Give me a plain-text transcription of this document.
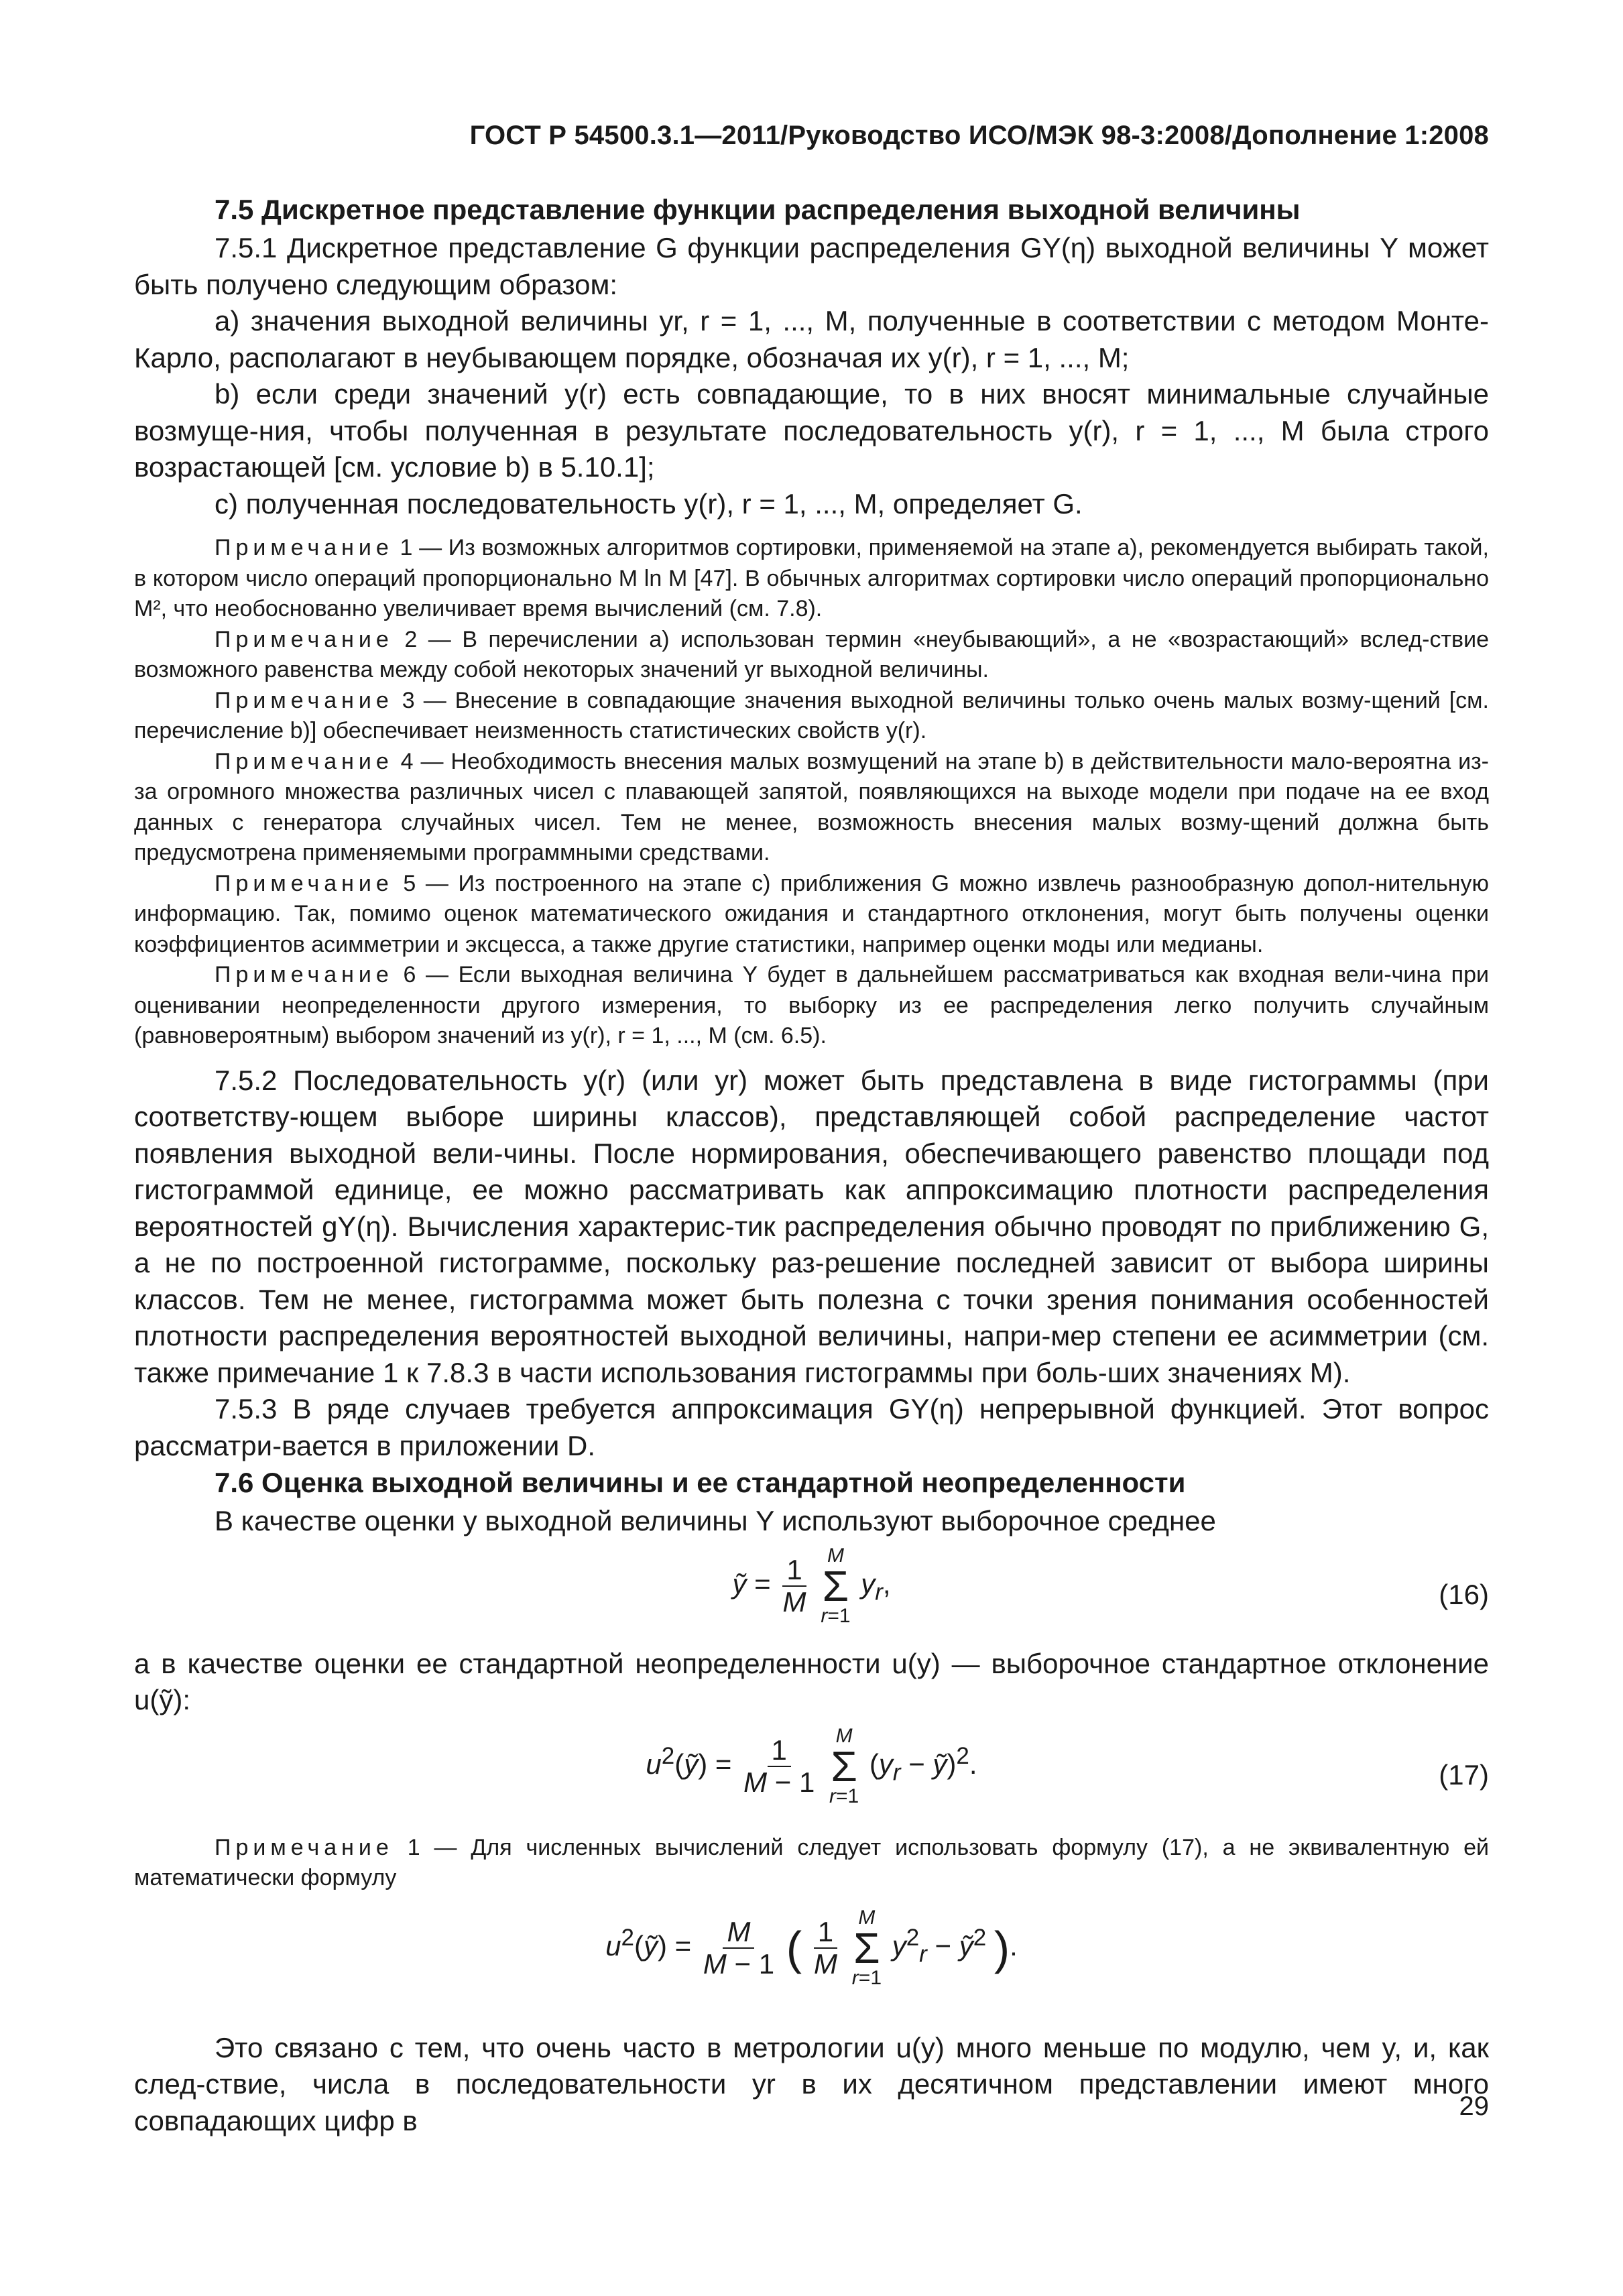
ГОСТ Р 54500.3.1—2011/Руководство ИСО/МЭК 98-3:2008/Дополнение 1:2008
7.5 Дискретное представление функции распределения выходной величины

7.5.1 Дискретное представление G функции распределения GY(η) выходной величины Y может быть получено следующим образом:

а) значения выходной величины yr, r = 1, ..., M, полученные в соответствии с методом Монте-Карло, располагают в неубывающем порядке, обозначая их y(r), r = 1, ..., M;

b) если среди значений y(r) есть совпадающие, то в них вносят минимальные случайные возмуще-ния, чтобы полученная в результате последовательность y(r), r = 1, ..., M была строго возрастающей [см. условие b) в 5.10.1];

с) полученная последовательность y(r), r = 1, ..., M, определяет G.

Примечание 1 — Из возможных алгоритмов сортировки, применяемой на этапе а), рекомендуется выбирать такой, в котором число операций пропорционально M ln M [47]. В обычных алгоритмах сортировки число операций пропорционально M², что необоснованно увеличивает время вычислений (см. 7.8).

Примечание 2 — В перечислении а) использован термин «неубывающий», а не «возрастающий» вслед-ствие возможного равенства между собой некоторых значений yr выходной величины.

Примечание 3 — Внесение в совпадающие значения выходной величины только очень малых возму-щений [см. перечисление b)] обеспечивает неизменность статистических свойств y(r).

Примечание 4 — Необходимость внесения малых возмущений на этапе b) в действительности мало-вероятна из-за огромного множества различных чисел с плавающей запятой, появляющихся на выходе модели при подаче на ее вход данных с генератора случайных чисел. Тем не менее, возможность внесения малых возму-щений должна быть предусмотрена применяемыми программными средствами.

Примечание 5 — Из построенного на этапе с) приближения G можно извлечь разнообразную допол-нительную информацию. Так, помимо оценок математического ожидания и стандартного отклонения, могут быть получены оценки коэффициентов асимметрии и эксцесса, а также другие статистики, например оценки моды или медианы.

Примечание 6 — Если выходная величина Y будет в дальнейшем рассматриваться как входная вели-чина при оценивании неопределенности другого измерения, то выборку из ее распределения легко получить случайным (равновероятным) выбором значений из y(r), r = 1, ..., M (см. 6.5).

7.5.2 Последовательность y(r) (или yr) может быть представлена в виде гистограммы (при соответству-ющем выборе ширины классов), представляющей собой распределение частот появления выходной вели-чины. После нормирования, обеспечивающего равенство площади под гистограммой единице, ее можно рассматривать как аппроксимацию плотности распределения вероятностей gY(η). Вычисления характерис-тик распределения обычно проводят по приближению G, а не по построенной гистограмме, поскольку раз-решение последней зависит от выбора ширины классов. Тем не менее, гистограмма может быть полезна с точки зрения понимания особенностей плотности распределения вероятностей выходной величины, напри-мер степени ее асимметрии (см. также примечание 1 к 7.8.3 в части использования гистограммы при боль-ших значениях M).

7.5.3 В ряде случаев требуется аппроксимация GY(η) непрерывной функцией. Этот вопрос рассматри-вается в приложении D.

7.6 Оценка выходной величины и ее стандартной неопределенности

В качестве оценки y выходной величины Y используют выборочное среднее

ỹ = $\frac{1}{M}$
M
Σ
r=1
$y_r$,	(16)

а в качестве оценки ее стандартной неопределенности u(y) — выборочное стандартное отклонение u(ỹ):

$u^2(ỹ) = \frac{1}{M - 1}$
M
Σ
r=1
($y_r$ − ỹ)$^2$.	(17)

Примечание 1 — Для численных вычислений следует использовать формулу (17), а не эквивалентную ей математически формулу

$u^2(ỹ) = \frac{M}{M - 1}$ ( $\frac{1}{M}$
M
Σ
r=1
$y^2_r$ − ỹ$^2$ ).

Это связано с тем, что очень часто в метрологии u(y) много меньше по модулю, чем y, и, как след-ствие, числа в последовательности yr в их десятичном представлении имеют много совпадающих цифр в	29
